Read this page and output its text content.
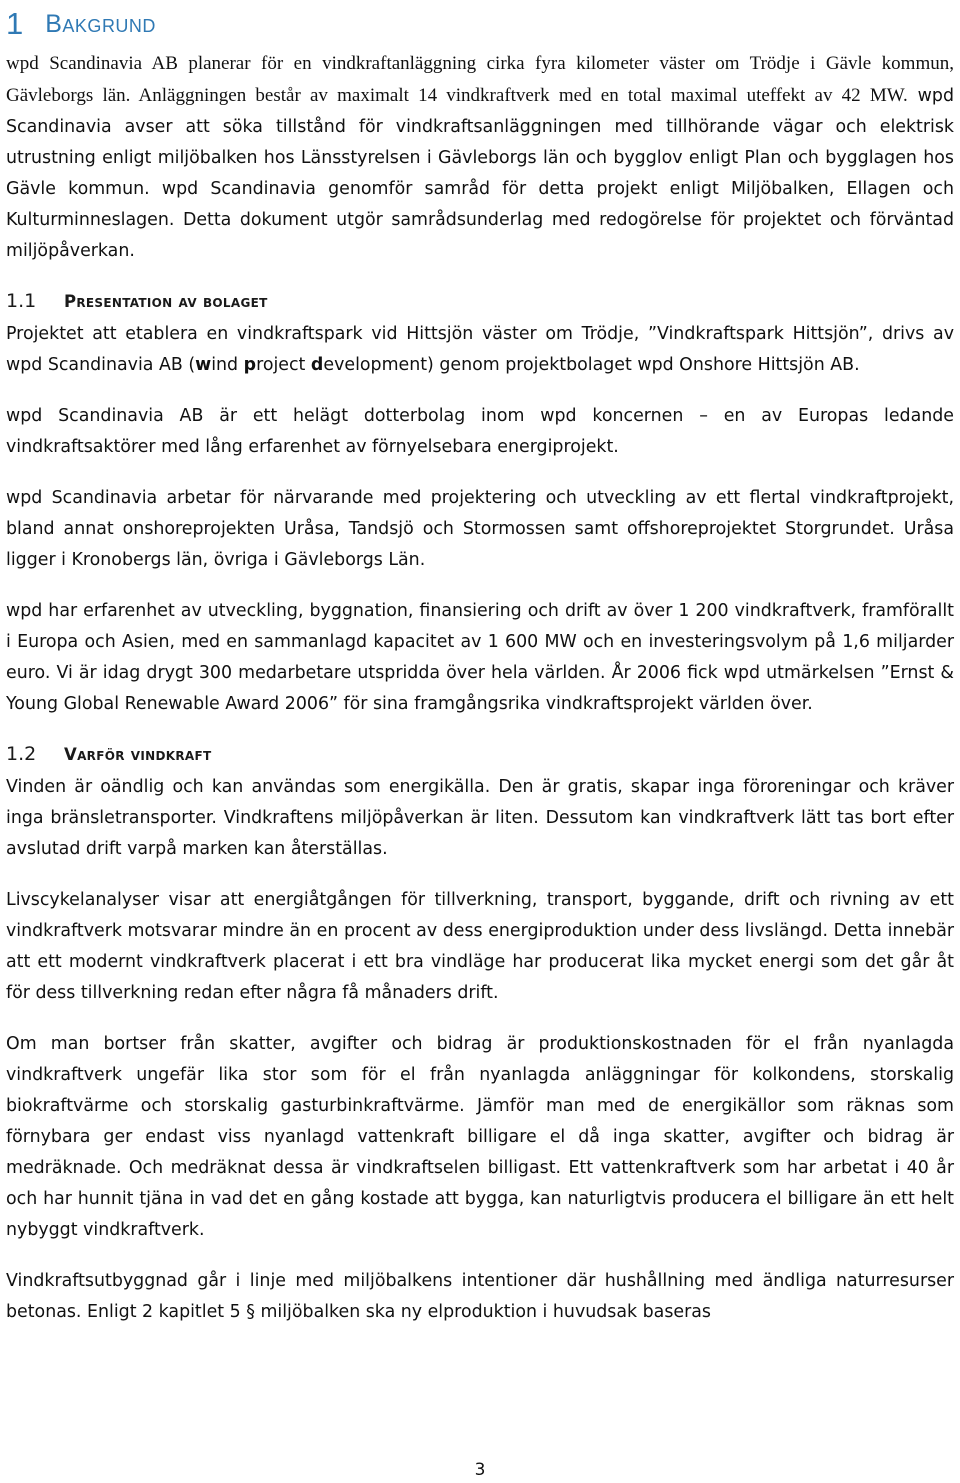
1 Bakgrund

wpd Scandinavia AB planerar för en vindkraftanläggning cirka fyra kilometer väster om Trödje i Gävle kommun, Gävleborgs län. Anläggningen består av maximalt 14 vindkraftverk med en total maximal uteffekt av 42 MW. wpd Scandinavia avser att söka tillstånd för vindkraftsanläggningen med tillhörande vägar och elektrisk utrustning enligt miljöbalken hos Länsstyrelsen i Gävleborgs län och bygglov enligt Plan och bygglagen hos Gävle kommun. wpd Scandinavia genomför samråd för detta projekt enligt Miljöbalken, Ellagen och Kulturminneslagen. Detta dokument utgör samrådsunderlag med redogörelse för projektet och förväntad miljöpåverkan.

1.1	Presentation av bolaget

Projektet att etablera en vindkraftspark vid Hittsjön väster om Trödje, ”Vindkraftspark Hittsjön”, drivs av wpd Scandinavia AB (wind project development) genom projektbolaget wpd Onshore Hittsjön AB.

wpd Scandinavia AB är ett helägt dotterbolag inom wpd koncernen – en av Europas ledande vindkraftsaktörer med lång erfarenhet av förnyelsebara energiprojekt.

wpd Scandinavia arbetar för närvarande med projektering och utveckling av ett flertal vindkraftprojekt, bland annat onshoreprojekten Uråsa, Tandsjö och Stormossen samt offshoreprojektet Storgrundet. Uråsa ligger i Kronobergs län, övriga i Gävleborgs Län.

wpd har erfarenhet av utveckling, byggnation, finansiering och drift av över 1 200 vindkraftverk, framförallt i Europa och Asien, med en sammanlagd kapacitet av 1 600 MW och en investeringsvolym på 1,6 miljarder euro. Vi är idag drygt 300 medarbetare utspridda över hela världen. År 2006 fick wpd utmärkelsen ”Ernst & Young Global Renewable Award 2006” för sina framgångsrika vindkraftsprojekt världen över.

1.2	Varför vindkraft

Vinden är oändlig och kan användas som energikälla. Den är gratis, skapar inga föroreningar och kräver inga bränsletransporter. Vindkraftens miljöpåverkan är liten. Dessutom kan vindkraftverk lätt tas bort efter avslutad drift varpå marken kan återställas.

Livscykelanalyser visar att energiåtgången för tillverkning, transport, byggande, drift och rivning av ett vindkraftverk motsvarar mindre än en procent av dess energiproduktion under dess livslängd. Detta innebär att ett modernt vindkraftverk placerat i ett bra vindläge har producerat lika mycket energi som det går åt för dess tillverkning redan efter några få månaders drift.

Om man bortser från skatter, avgifter och bidrag är produktionskostnaden för el från nyanlagda vindkraftverk ungefär lika stor som för el från nyanlagda anläggningar för kolkondens, storskalig biokraftvärme och storskalig gasturbinkraftvärme. Jämför man med de energikällor som räknas som förnybara ger endast viss nyanlagd vattenkraft billigare el då inga skatter, avgifter och bidrag är medräknade. Och medräknat dessa är vindkraftselen billigast. Ett vattenkraftverk som har arbetat i 40 år och har hunnit tjäna in vad det en gång kostade att bygga, kan naturligtvis producera el billigare än ett helt nybyggt vindkraftverk.

Vindkraftsutbyggnad går i linje med miljöbalkens intentioner där hushållning med ändliga naturresurser betonas. Enligt 2 kapitlet 5 § miljöbalken ska ny elproduktion i huvudsak baseras

3
